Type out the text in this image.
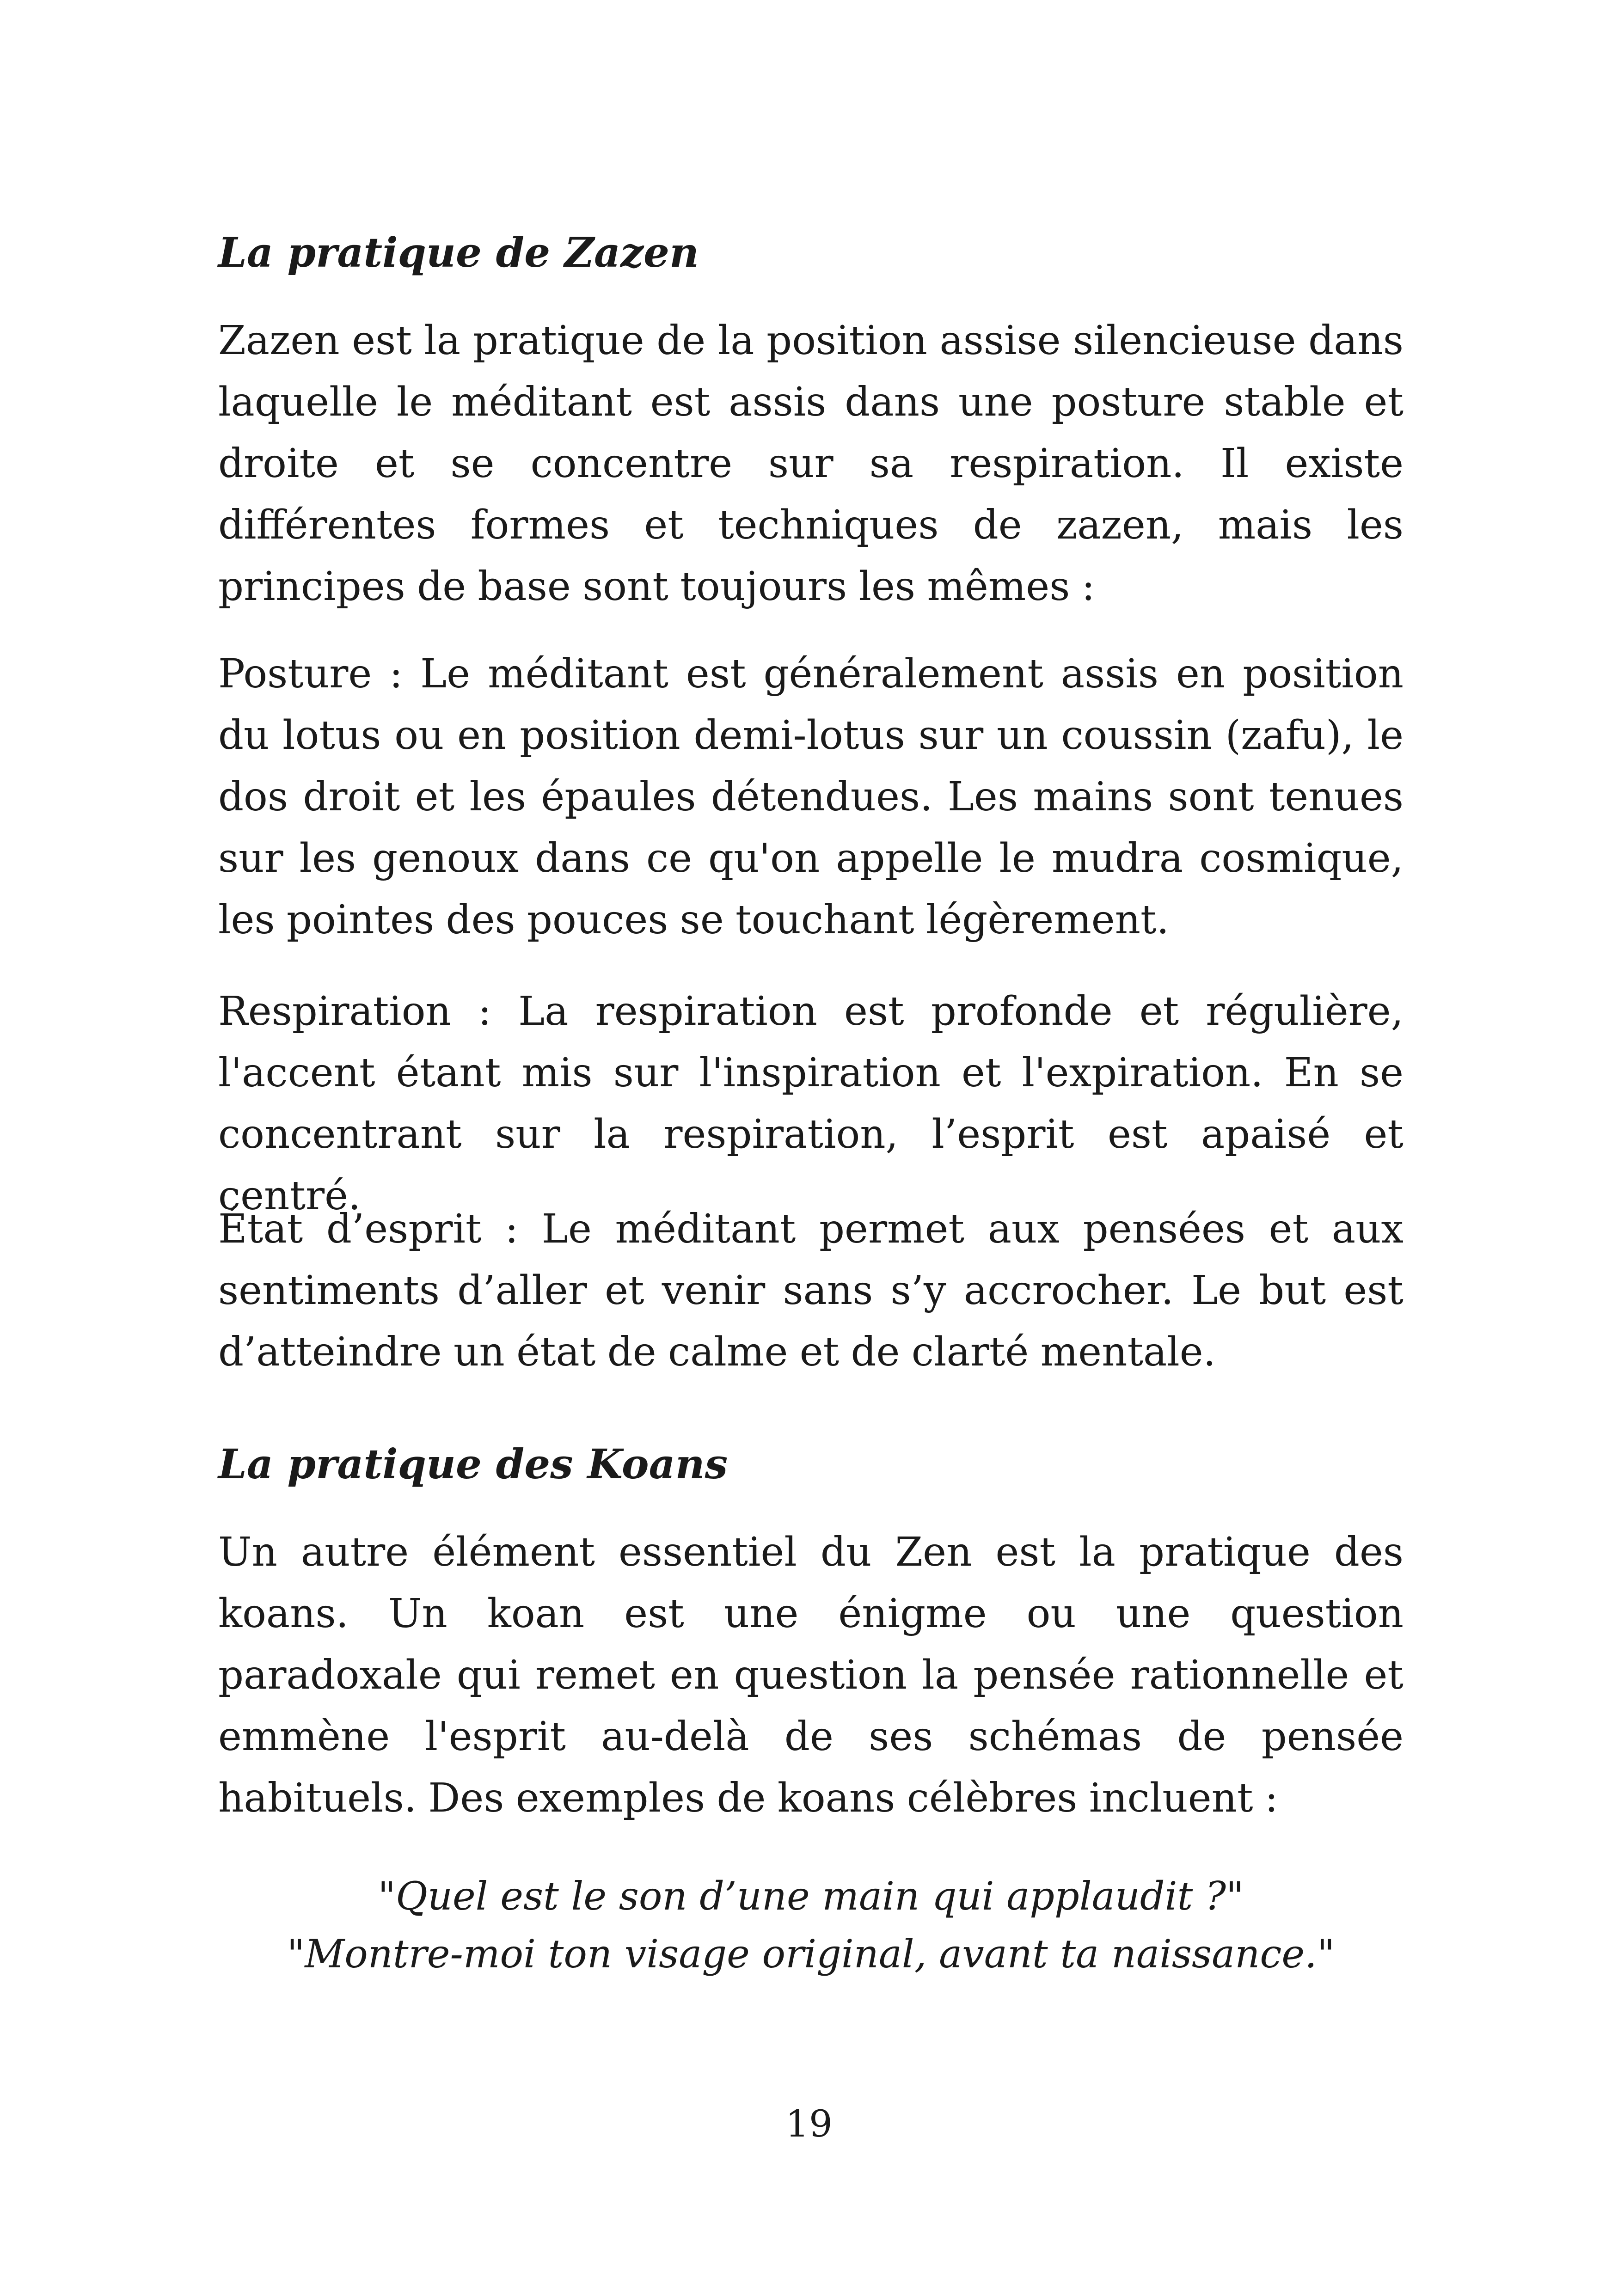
La pratique de Zazen

Zazen est la pratique de la position assise silencieuse dans laquelle le méditant est assis dans une posture stable et droite et se concentre sur sa respiration. Il existe différentes formes et techniques de zazen, mais les principes de base sont toujours les mêmes :

Posture : Le méditant est généralement assis en position du lotus ou en position demi-lotus sur un coussin (zafu), le dos droit et les épaules détendues. Les mains sont tenues sur les genoux dans ce qu'on appelle le mudra cosmique, les pointes des pouces se touchant légèrement.

Respiration : La respiration est profonde et régulière, l'accent étant mis sur l'inspiration et l'expiration. En se concentrant sur la respiration, l’esprit est apaisé et centré.

État d’esprit : Le méditant permet aux pensées et aux sentiments d’aller et venir sans s’y accrocher. Le but est d’atteindre un état de calme et de clarté mentale.

La pratique des Koans

Un autre élément essentiel du Zen est la pratique des koans. Un koan est une énigme ou une question paradoxale qui remet en question la pensée rationnelle et emmène l'esprit au-delà de ses schémas de pensée habituels. Des exemples de koans célèbres incluent :

"Quel est le son d’une main qui applaudit ?"
"Montre-moi ton visage original, avant ta naissance."
19
